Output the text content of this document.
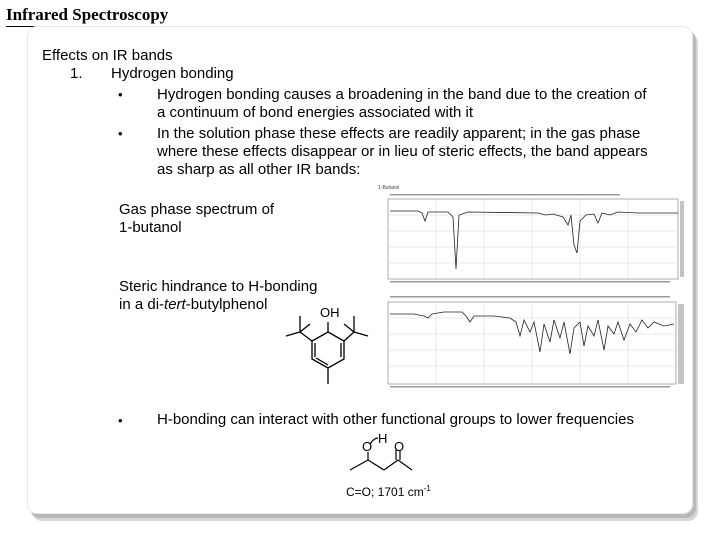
Infrared Spectroscopy
Effects on IR bands
1. Hydrogen bonding
• Hydrogen bonding causes a broadening in the band due to the creation of
a continuum of bond energies associated with it
• In the solution phase these effects are readily apparent; in the gas phase
where these effects disappear or in lieu of steric effects, the band appears
as sharp as all other IR bands:
1-Butanol
Gas phase spectrum of
1-butanol
Steric hindrance to H-bonding
in a di-tert-butylphenol	OH
• H-bonding can interact with other functional groups to lower frequencies
O
H
O
C=O; 1701 $cm^{-1}$
